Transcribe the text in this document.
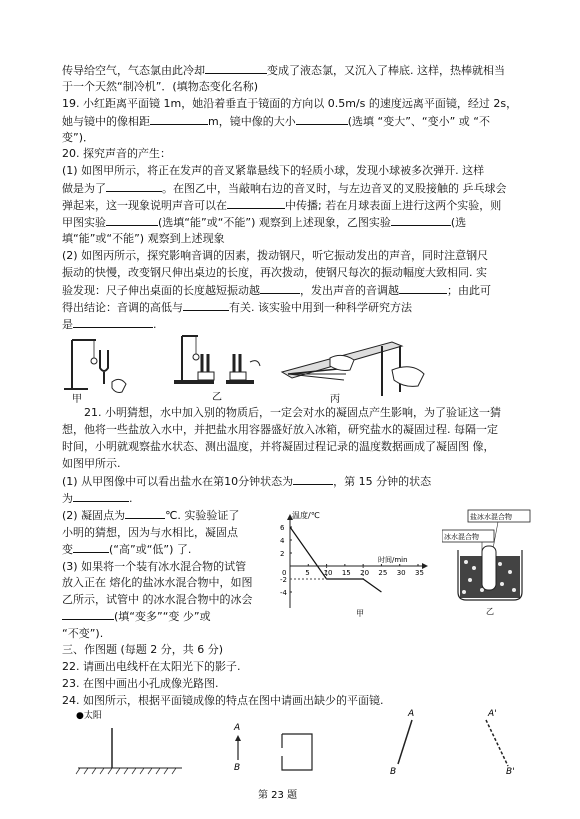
传导给空气，气态氯由此冷却	变成了液态氯，又沉入了棒底. 这样，热棒就相当

于一个天然“制冷机”．(填物态变化名称)

19. 小红距离平面镜 1m，她沿着垂直于镜面的方向以 0.5m/s 的速度远离平面镜，经过 2s，

她与镜中的像相距	m，镜中像的大小	(选填 “变大”、“变小” 或 “不

变”)．

20. 探究声音的产生：

(1) 如图甲所示，将正在发声的音叉紧靠悬线下的轻质小球，发现小球被多次弹开. 这样

做是为了	。在图乙中，当敲响右边的音叉时，与左边音叉的叉股接触的 乒乓球会

弹起来，这一现象说明声音可以在	中传播; 若在月球表面上进行这两个实验，则

甲图实验	(选填“能”或“不能”) 观察到上述现象，乙图实验	(选

填“能”或“不能”) 观察到上述现象

(2) 如图丙所示，探究影响音调的因素，拨动钢尺，听它振动发出的声音，同时注意钢尺

振动的快慢，改变钢尺伸出桌边的长度，再次拨动，使钢尺每次的振动幅度大致相同. 实

验发现：尺子伸出桌面的长度越短振动越	，发出声音的音调越	；由此可

得出结论：音调的高低与	有关. 该实验中用到一种科学研究方法

是	.

甲	乙	丙

21. 小明猜想，水中加入别的物质后，一定会对水的凝固点产生影响，为了验证这一猜

想，他将一些盐放入水中，并把盐水用容器盛好放入冰箱，研究盐水的凝固过程. 每隔一定

时间，小明就观察盐水状态、测出温度，并将凝固过程记录的温度数据画成了凝固图 像，

如图甲所示.

(1) 从甲图像中可以看出盐水在第10分钟状态为	，第 15 分钟的状态

为	.

(2) 凝固点为	℃. 实验验证了
小明的猜想，因为与水相比，凝固点
变	(“高”或“低”) 了.
(3) 如果将一个装有冰水混合物的试管
放入正在 熔化的盐冰水混合物中，如图
乙所示，试管中 的冰水混合物中的冰会
(填“变多”“变 少”或
“不变”).
温度/℃
时间/min
0	5 10 15 20 25 30 35
6
4
2
-2
-4
甲
盐冰水混合物
冰水混合物
乙

三、作图题 (每题 2 分，共 6 分)

22. 请画出电线杆在太阳光下的影子.

23. 在图中画出小孔成像光路图.

24. 如图所示，根据平面镜成像的特点在图中请画出缺少的平面镜.

●太阳
A
B
A
B
A'
B'
第 23 题
